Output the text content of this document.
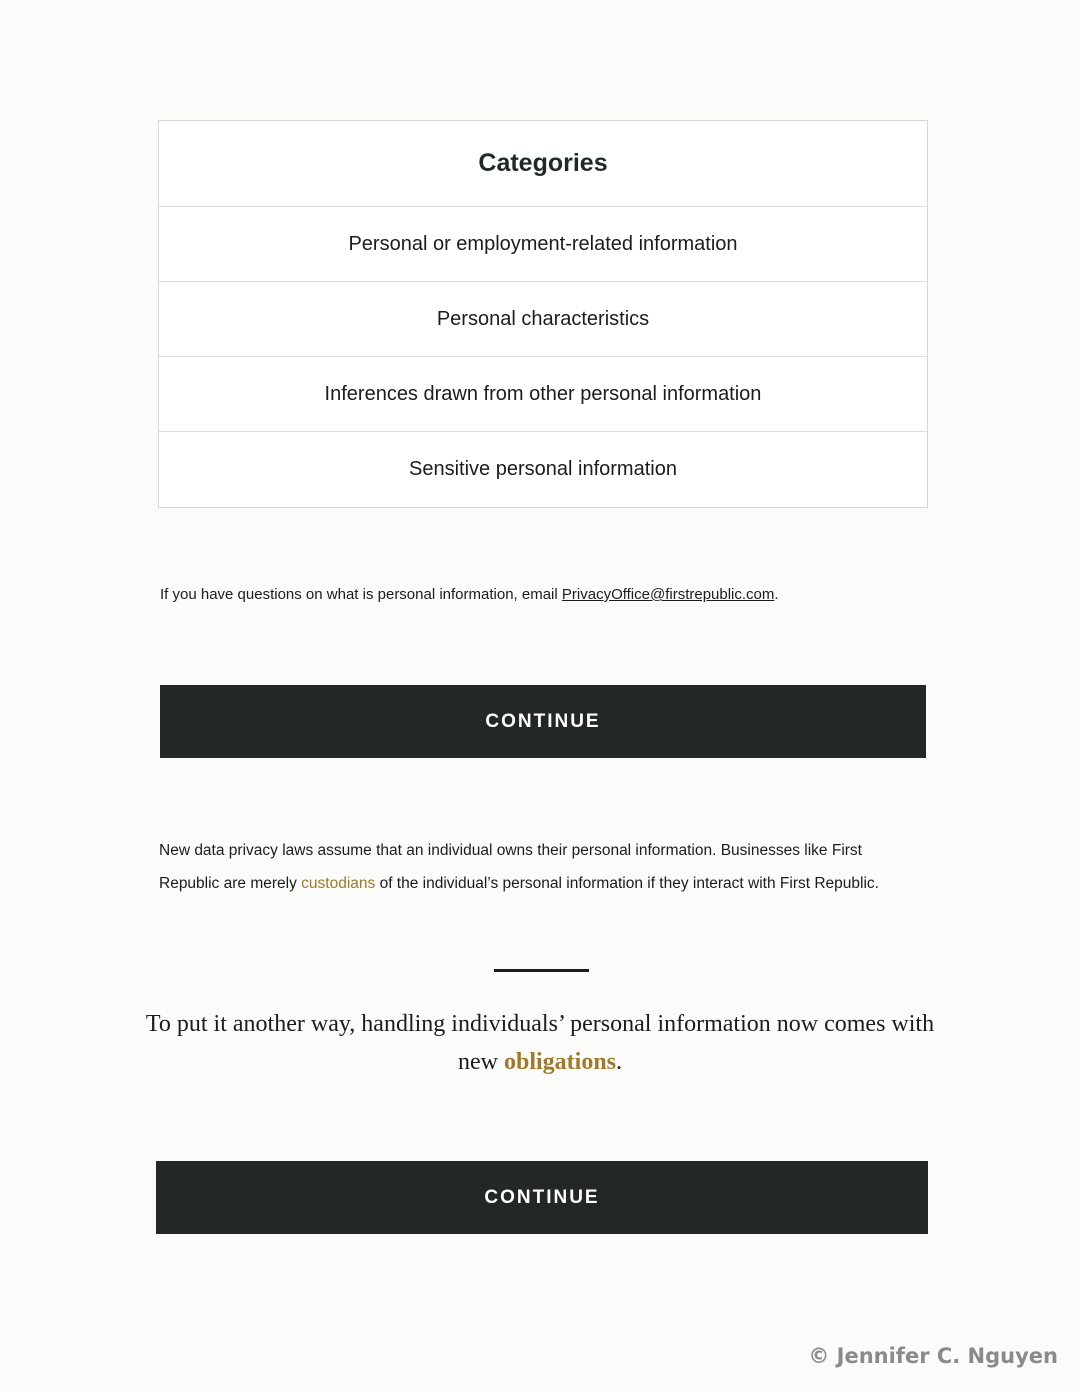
Categories
Personal or employment-related information
Personal characteristics
Inferences drawn from other personal information
Sensitive personal information
If you have questions on what is personal information, email PrivacyOffice@firstrepublic.com.
CONTINUE
New data privacy laws assume that an individual owns their personal information. Businesses like First Republic are merely custodians of the individual’s personal information if they interact with First Republic.
To put it another way, handling individuals’ personal information now comes with new obligations.
CONTINUE
© Jennifer C. Nguyen
